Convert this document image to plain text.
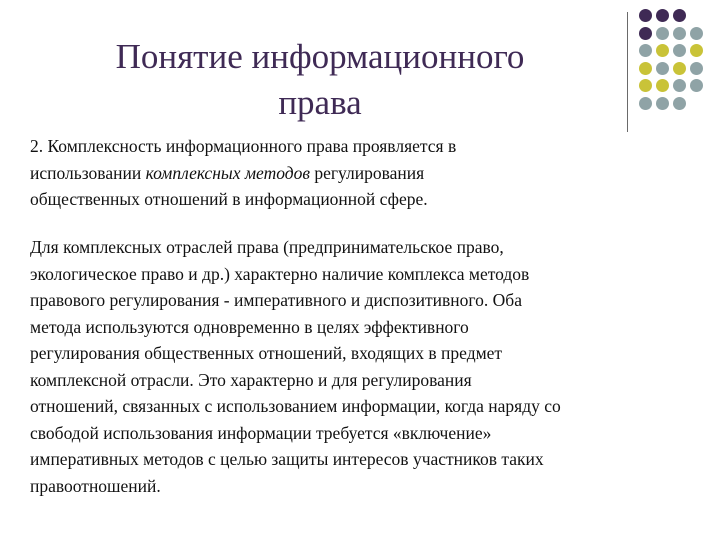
Понятие информационного
права
2. Комплексность информационного права проявляется в
использовании комплексных методов регулирования
общественных отношений в информационной сфере.
Для комплексных отраслей права (предпринимательское право,
экологическое право и др.) характерно наличие комплекса методов
правового регулирования - императивного и диспозитивного. Оба
метода используются одновременно в целях эффективного
регулирования общественных отношений, входящих в предмет
комплексной отрасли. Это характерно и для регулирования
отношений, связанных с использованием информации, когда наряду со
свободой использования информации требуется «включение»
императивных методов с целью защиты интересов участников таких
правоотношений.
